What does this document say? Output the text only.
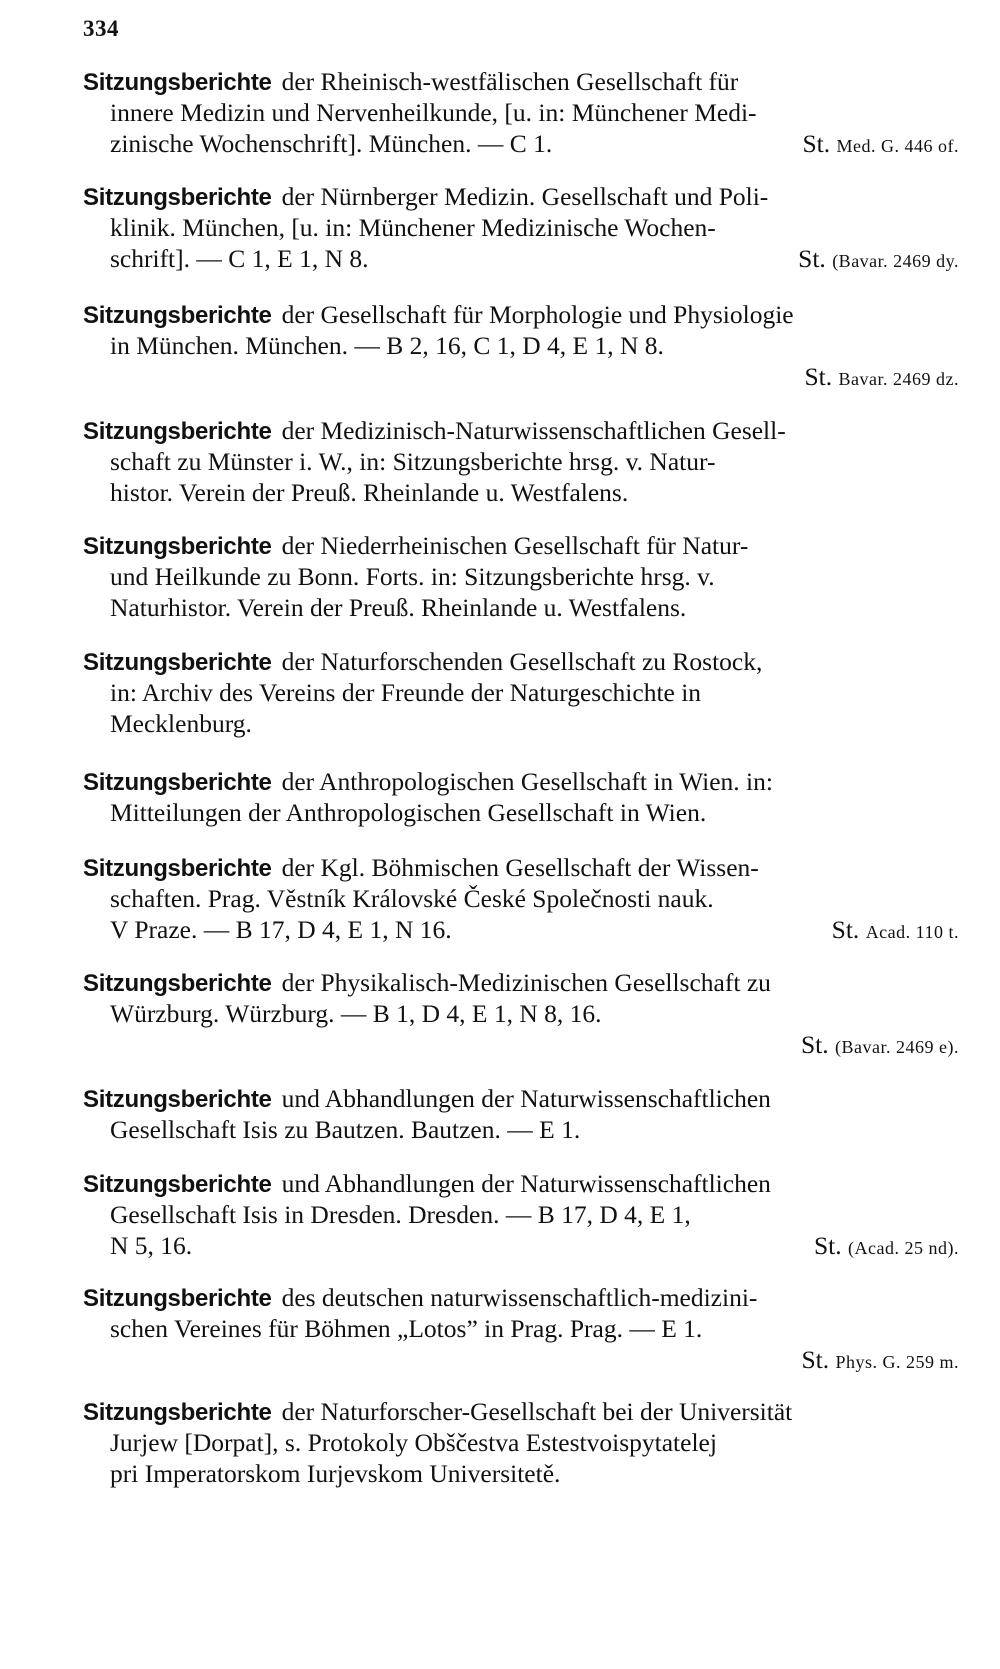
334
Sitzungsberichte der Rheinisch-westfälischen Gesellschaft für
innere Medizin und Nervenheilkunde, [u. in: Münchener Medi-
zinische Wochenschrift]. München. — C 1.	St. Med. G. 446 of.
Sitzungsberichte der Nürnberger Medizin. Gesellschaft und Poli-
klinik. München, [u. in: Münchener Medizinische Wochen-
schrift]. — C 1, E 1, N 8.	St. (Bavar. 2469 dy.
Sitzungsberichte der Gesellschaft für Morphologie und Physiologie
in München. München. — B 2, 16, C 1, D 4, E 1, N 8.
St. Bavar. 2469 dz.
Sitzungsberichte der Medizinisch-Naturwissenschaftlichen Gesell-
schaft zu Münster i. W., in: Sitzungsberichte hrsg. v. Natur-
histor. Verein der Preuß. Rheinlande u. Westfalens.
Sitzungsberichte der Niederrheinischen Gesellschaft für Natur-
und Heilkunde zu Bonn. Forts. in: Sitzungsberichte hrsg. v.
Naturhistor. Verein der Preuß. Rheinlande u. Westfalens.
Sitzungsberichte der Naturforschenden Gesellschaft zu Rostock,
in: Archiv des Vereins der Freunde der Naturgeschichte in
Mecklenburg.
Sitzungsberichte der Anthropologischen Gesellschaft in Wien. in:
Mitteilungen der Anthropologischen Gesellschaft in Wien.
Sitzungsberichte der Kgl. Böhmischen Gesellschaft der Wissen-
schaften. Prag. Věstník Královské České Společnosti nauk.
V Praze. — B 17, D 4, E 1, N 16.	St. Acad. 110 t.
Sitzungsberichte der Physikalisch-Medizinischen Gesellschaft zu
Würzburg. Würzburg. — B 1, D 4, E 1, N 8, 16.
St. (Bavar. 2469 e).
Sitzungsberichte und Abhandlungen der Naturwissenschaftlichen
Gesellschaft Isis zu Bautzen. Bautzen. — E 1.
Sitzungsberichte und Abhandlungen der Naturwissenschaftlichen
Gesellschaft Isis in Dresden. Dresden. — B 17, D 4, E 1,
N 5, 16.	St. (Acad. 25 nd).
Sitzungsberichte des deutschen naturwissenschaftlich-medizini-
schen Vereines für Böhmen „Lotos” in Prag. Prag. — E 1.
St. Phys. G. 259 m.
Sitzungsberichte der Naturforscher-Gesellschaft bei der Universität
Jurjew [Dorpat], s. Protokoly Obščestva Estestvoispytatelej
pri Imperatorskom Iurjevskom Universitetě.
